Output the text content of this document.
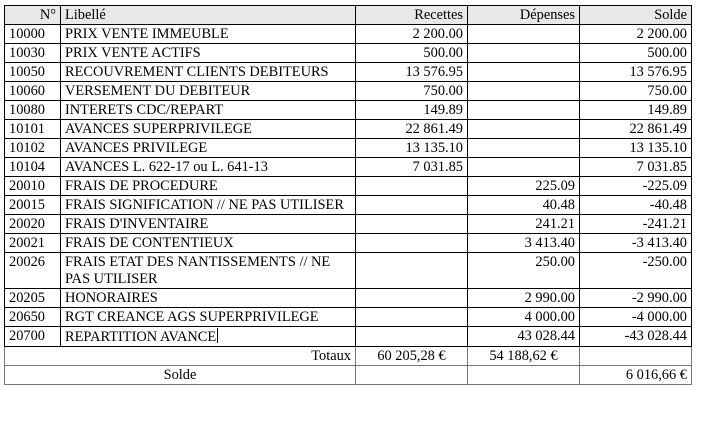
N°	Libellé	Recettes	Dépenses	Solde
10000	PRIX VENTE IMMEUBLE	2 200.00		2 200.00
10030	PRIX VENTE ACTIFS	500.00		500.00
10050	RECOUVREMENT CLIENTS DEBITEURS	13 576.95		13 576.95
10060	VERSEMENT DU DEBITEUR	750.00		750.00
10080	INTERETS CDC/REPART	149.89		149.89
10101	AVANCES SUPERPRIVILEGE	22 861.49		22 861.49
10102	AVANCES PRIVILEGE	13 135.10		13 135.10
10104	AVANCES L. 622-17 ou L. 641-13	7 031.85		7 031.85
20010	FRAIS DE PROCEDURE		225.09	-225.09
20015	FRAIS SIGNIFICATION // NE PAS UTILISER		40.48	-40.48
20020	FRAIS D'INVENTAIRE		241.21	-241.21
20021	FRAIS DE CONTENTIEUX		3 413.40	-3 413.40
20026	FRAIS ETAT DES NANTISSEMENTS // NE PAS UTILISER		250.00	-250.00
20205	HONORAIRES		2 990.00	-2 990.00
20650	RGT CREANCE AGS SUPERPRIVILEGE		4 000.00	-4 000.00
20700	REPARTITION AVANCE		43 028.44	-43 028.44
Totaux		60 205,28 €	54 188,62 €	
Solde				6 016,66 €
